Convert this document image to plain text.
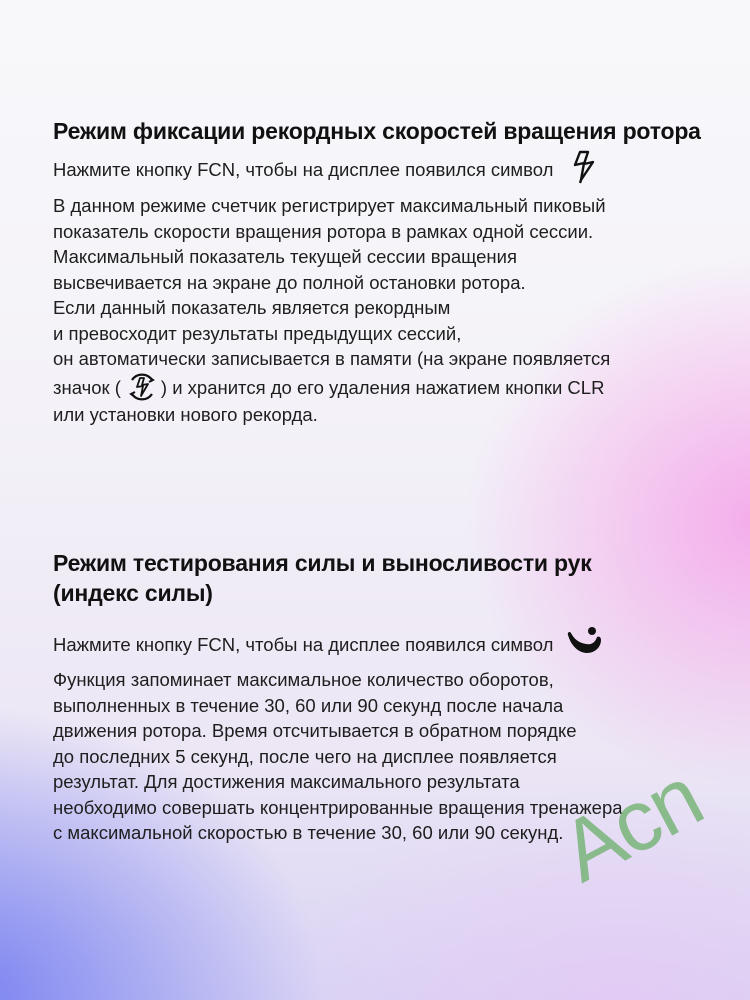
Режим фиксации рекордных скоростей вращения ротора

Нажмите кнопку FCN, чтобы на дисплее появился символ

В данном режиме счетчик регистрирует максимальный пиковый

показатель скорости вращения ротора в рамках одной сессии.

Максимальный показатель текущей сессии вращения

высвечивается на экране до полной остановки ротора.

Если данный показатель является рекордным

и превосходит результаты предыдущих сессий,

он автоматически записывается в памяти (на экране появляется

значок ( ) и хранится до его удаления нажатием кнопки CLR

или установки нового рекорда.

Режим тестирования силы и выносливости рук (индекс силы)

Нажмите кнопку FCN, чтобы на дисплее появился символ

Функция запоминает максимальное количество оборотов,

выполненных в течение 30, 60 или 90 секунд после начала

движения ротора. Время отсчитывается в обратном порядке

до последних 5 секунд, после чего на дисплее появляется

результат. Для достижения максимального результата

необходимо совершать концентрированные вращения тренажера

с максимальной скоростью в течение 30, 60 или 90 секунд.

Acn
